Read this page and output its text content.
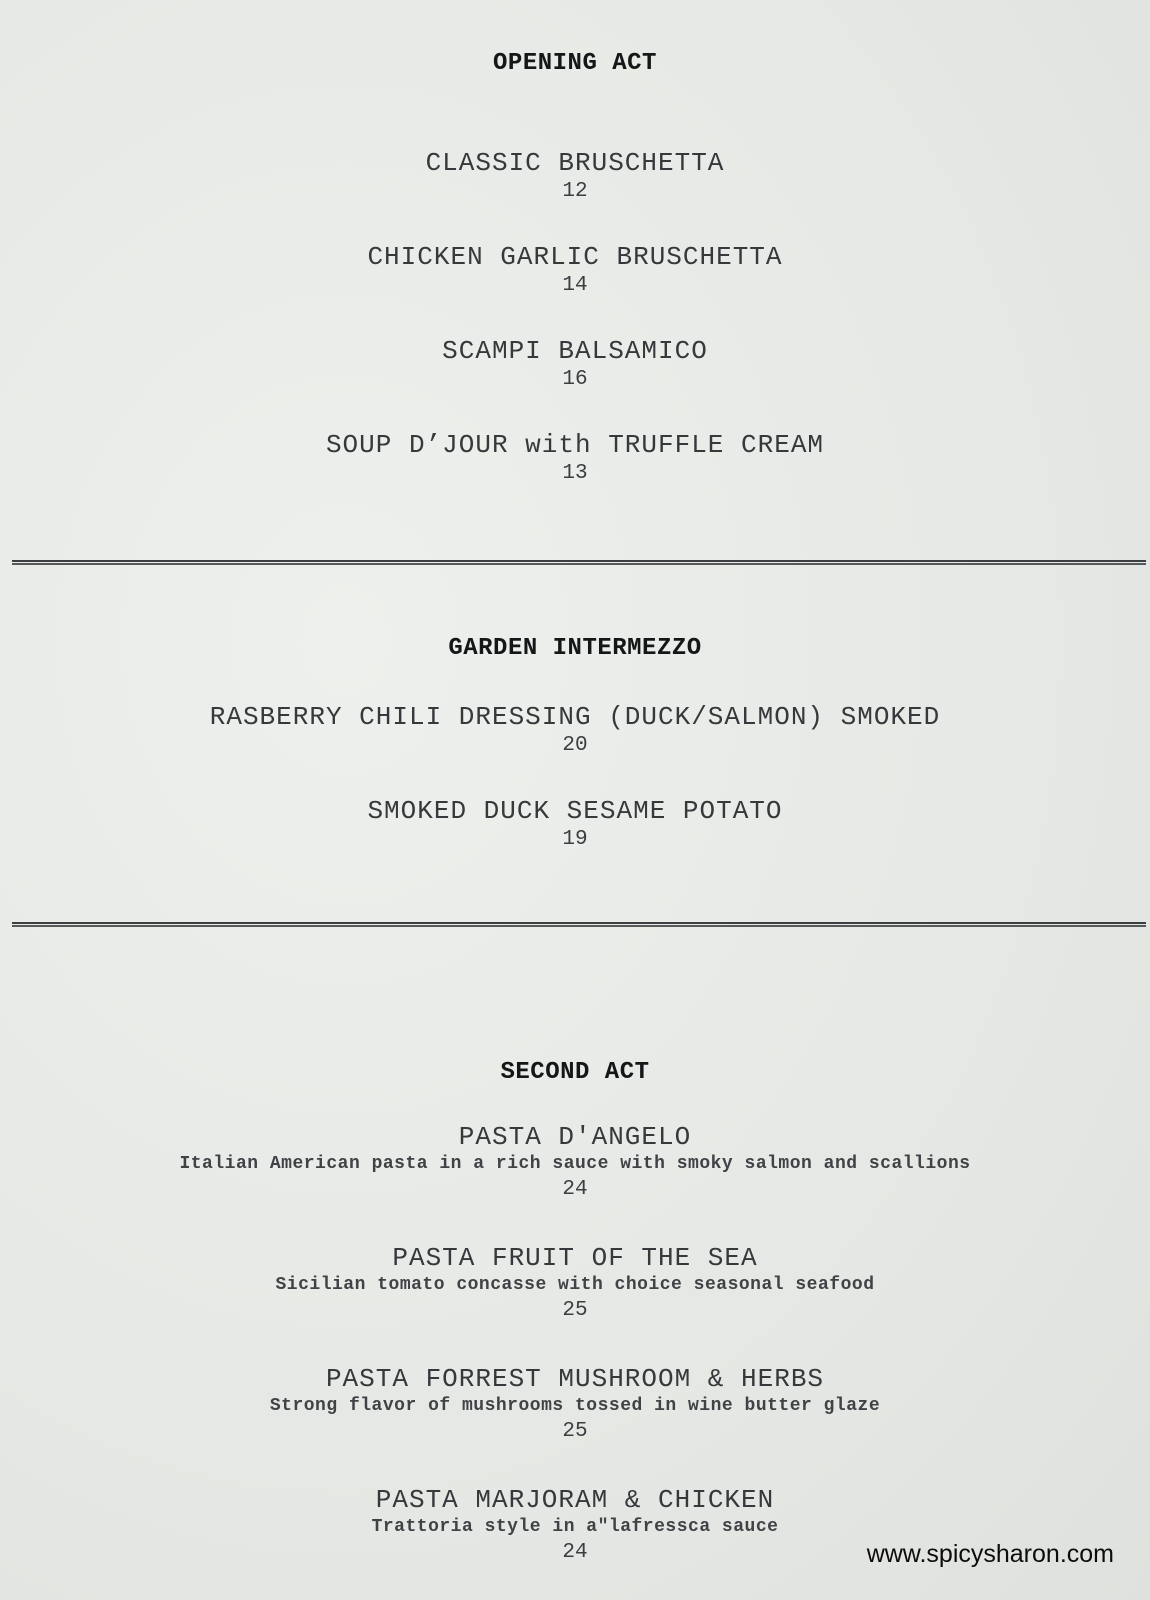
OPENING ACT
CLASSIC BRUSCHETTA
12
CHICKEN GARLIC BRUSCHETTA
14
SCAMPI BALSAMICO
16
SOUP D’JOUR with TRUFFLE CREAM
13
GARDEN INTERMEZZO
RASBERRY CHILI DRESSING (DUCK/SALMON) SMOKED
20
SMOKED DUCK SESAME POTATO
19
SECOND ACT
PASTA D'ANGELO
Italian American pasta in a rich sauce with smoky salmon and scallions
24
PASTA FRUIT OF THE SEA
Sicilian tomato concasse with choice seasonal seafood
25
PASTA FORREST MUSHROOM & HERBS
Strong flavor of mushrooms tossed in wine butter glaze
25
PASTA MARJORAM & CHICKEN
Trattoria style in a"lafressca sauce
24	www.spicysharon.com
